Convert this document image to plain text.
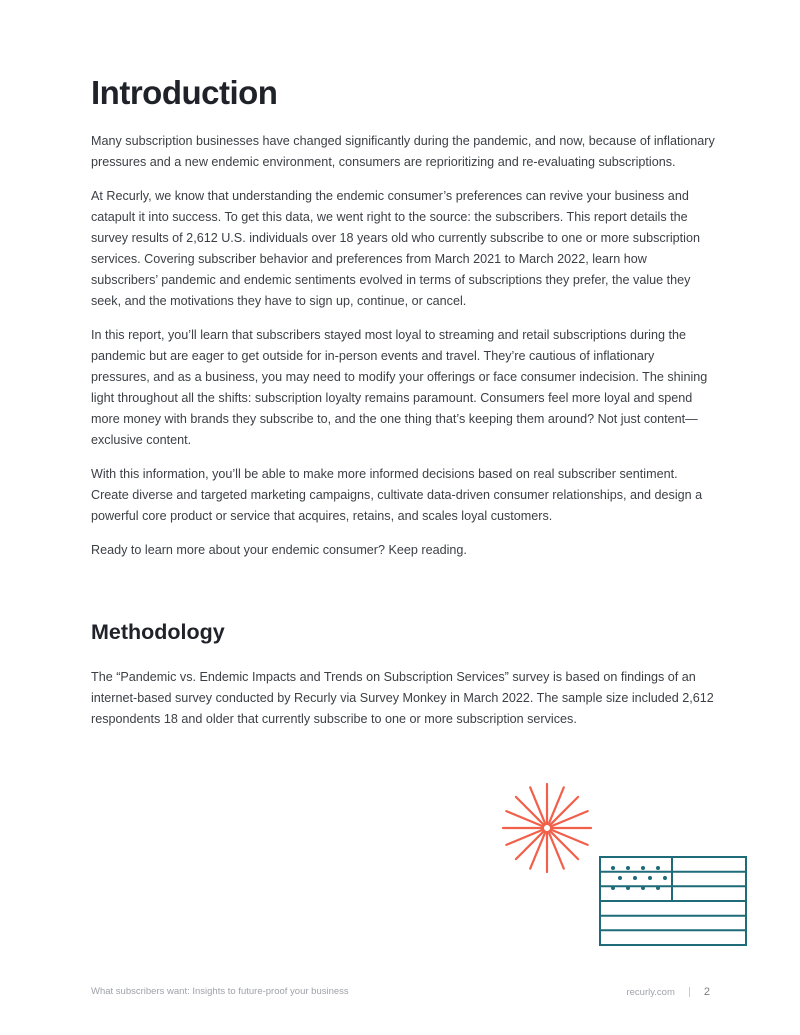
Introduction

Many subscription businesses have changed significantly during the pandemic, and now, because of inflationary pressures and a new endemic environment, consumers are reprioritizing and re-evaluating subscriptions.

At Recurly, we know that understanding the endemic consumer’s preferences can revive your business and catapult it into success. To get this data, we went right to the source: the subscribers. This report details the survey results of 2,612 U.S. individuals over 18 years old who currently subscribe to one or more subscription services. Covering subscriber behavior and preferences from March 2021 to March 2022, learn how subscribers’ pandemic and endemic sentiments evolved in terms of subscriptions they prefer, the value they seek, and the motivations they have to sign up, continue, or cancel.

In this report, you’ll learn that subscribers stayed most loyal to streaming and retail subscriptions during the pandemic but are eager to get outside for in-person events and travel. They’re cautious of inflationary pressures, and as a business, you may need to modify your offerings or face consumer indecision. The shining light throughout all the shifts: subscription loyalty remains paramount. Consumers feel more loyal and spend more money with brands they subscribe to, and the one thing that’s keeping them around? Not just content—exclusive content.

With this information, you’ll be able to make more informed decisions based on real subscriber sentiment. Create diverse and targeted marketing campaigns, cultivate data-driven consumer relationships, and design a powerful core product or service that acquires, retains, and scales loyal customers.

Ready to learn more about your endemic consumer? Keep reading.

Methodology

The “Pandemic vs. Endemic Impacts and Trends on Subscription Services” survey is based on findings of an internet-based survey conducted by Recurly via Survey Monkey in March 2022. The sample size included 2,612 respondents 18 and older that currently subscribe to one or more subscription services.

What subscribers want: Insights to future-proof your business	recurly.com	2
